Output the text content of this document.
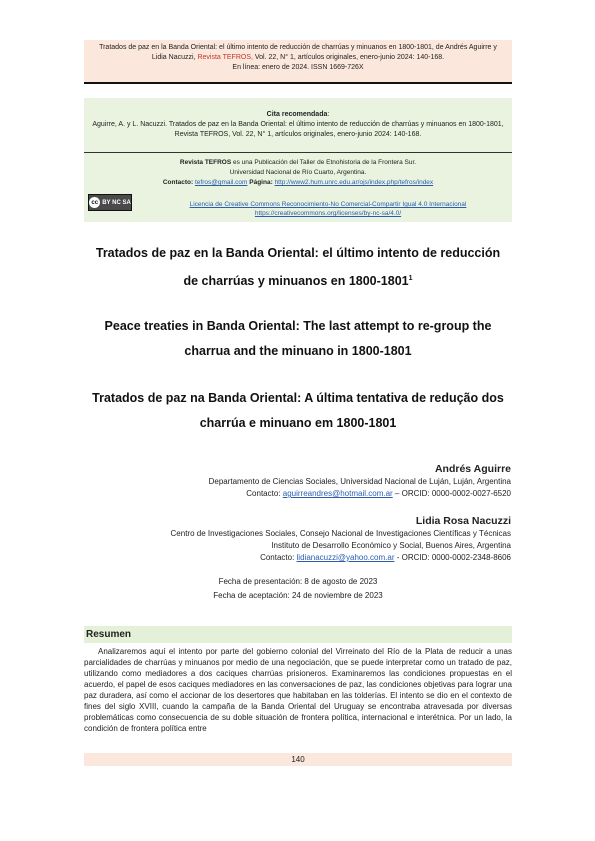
Tratados de paz en la Banda Oriental: el último intento de reducción de charrúas y minuanos en 1800-1801, de Andrés Aguirre y
Lidia Nacuzzi, Revista TEFROS, Vol. 22, N° 1, artículos originales, enero-junio 2024: 140-168.
En línea: enero de 2024. ISSN 1669-726X
Cita recomendada:
Aguirre, A. y L. Nacuzzi. Tratados de paz en la Banda Oriental: el último intento de reducción de charrúas y minuanos en 1800-1801, Revista TEFROS, Vol. 22, N° 1, artículos originales, enero-junio 2024: 140-168.
Revista TEFROS es una Publicación del Taller de Etnohistoria de la Frontera Sur.
Universidad Nacional de Río Cuarto, Argentina.
Contacto: tefros@gmail.com Página: http://www2.hum.unrc.edu.ar/ojs/index.php/tefros/index
cc BY NC SA	Licencia de Creative Commons Reconocimiento-No Comercial-Compartir Igual 4.0 Internacional
https://creativecommons.org/licenses/by-nc-sa/4.0/
Tratados de paz en la Banda Oriental: el último intento de reducción
de charrúas y minuanos en 1800-1801$^1$
Peace treaties in Banda Oriental: The last attempt to re-group the
charrua and the minuano in 1800-1801
Tratados de paz na Banda Oriental: A última tentativa de redução dos
charrúa e minuano em 1800-1801
Andrés Aguirre
Departamento de Ciencias Sociales, Universidad Nacional de Luján, Luján, Argentina
Contacto: aguirreandres@hotmail.com.ar – ORCID: 0000-0002-0027-6520
Lidia Rosa Nacuzzi
Centro de Investigaciones Sociales, Consejo Nacional de Investigaciones Científicas y Técnicas
Instituto de Desarrollo Económico y Social, Buenos Aires, Argentina
Contacto: lidianacuzzi@yahoo.com.ar - ORCID: 0000-0002-2348-8606
Fecha de presentación: 8 de agosto de 2023
Fecha de aceptación: 24 de noviembre de 2023
Resumen
Analizaremos aquí el intento por parte del gobierno colonial del Virreinato del Río de la Plata de reducir a unas parcialidades de charrúas y minuanos por medio de una negociación, que se puede interpretar como un tratado de paz, utilizando como mediadores a dos caciques charrúas prisioneros. Examinaremos las condiciones propuestas en el acuerdo, el papel de esos caciques mediadores en las conversaciones de paz, las condiciones objetivas para lograr una paz duradera, así como el accionar de los desertores que habitaban en las tolderías. El intento se dio en el contexto de fines del siglo XVIII, cuando la campaña de la Banda Oriental del Uruguay se encontraba atravesada por diversas problemáticas como consecuencia de su doble situación de frontera política, internacional e interétnica. Por un lado, la condición de frontera política entre
140
